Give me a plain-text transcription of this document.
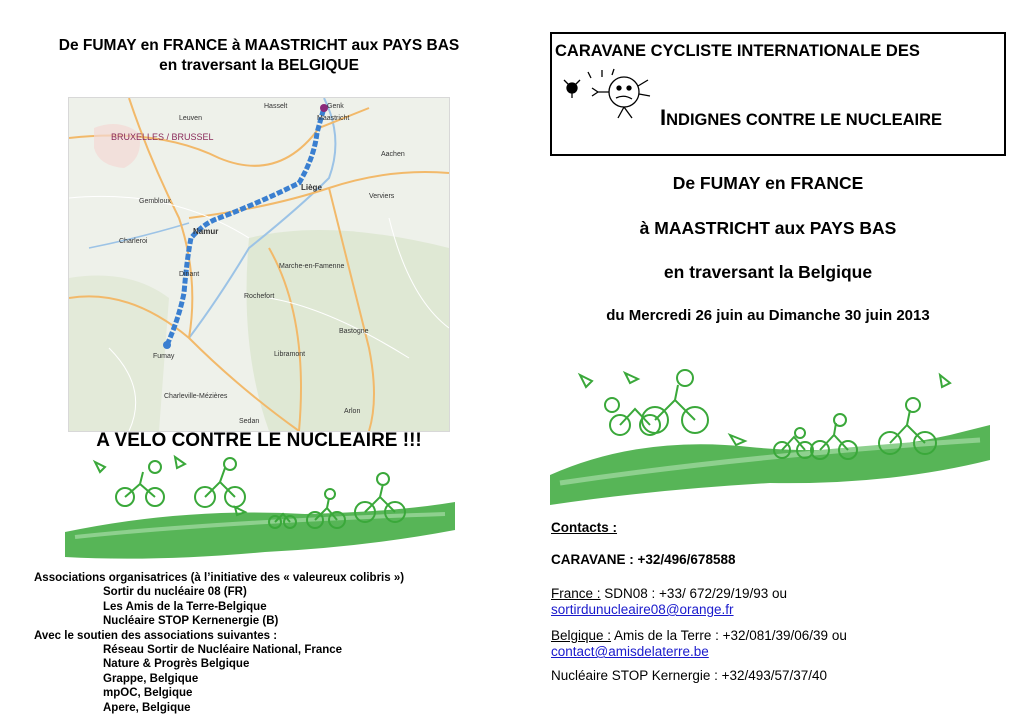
De FUMAY en FRANCE à MAASTRICHT aux PAYS BAS
en traversant la BELGIQUE
Hasselt
Maastricht
Aachen
Liège
BRUXELLES / BRUSSEL
Namur
Charleroi
Dinant
Marche-en-Famenne
Rochefort
Libramont
Bastogne
Arlon
Fumay
Leuven
Genk
Verviers
Gembloux
Charleville-Mézières
Sedan
A VELO CONTRE LE NUCLEAIRE !!!
Associations organisatrices (à l’initiative des « valeureux colibris »)
Sortir du nucléaire 08 (FR)
Les Amis de la Terre-Belgique
Nucléaire STOP Kernenergie (B)
Avec le soutien des associations suivantes :
Réseau Sortir de Nucléaire National, France
Nature & Progrès Belgique
Grappe, Belgique
mpOC, Belgique
Apere, Belgique
CARAVANE CYCLISTE INTERNATIONALE DES
INDIGNES CONTRE LE NUCLEAIRE
De FUMAY en FRANCE
à MAASTRICHT aux PAYS BAS
en traversant la Belgique
du Mercredi 26 juin au Dimanche 30 juin 2013
Contacts :
CARAVANE : +32/496/678588
France : SDN08 : +33/ 672/29/19/93 ou
sortirdunucleaire08@orange.fr
Belgique : Amis de la Terre : +32/081/39/06/39 ou
contact@amisdelaterre.be
Nucléaire STOP Kernergie : +32/493/57/37/40
